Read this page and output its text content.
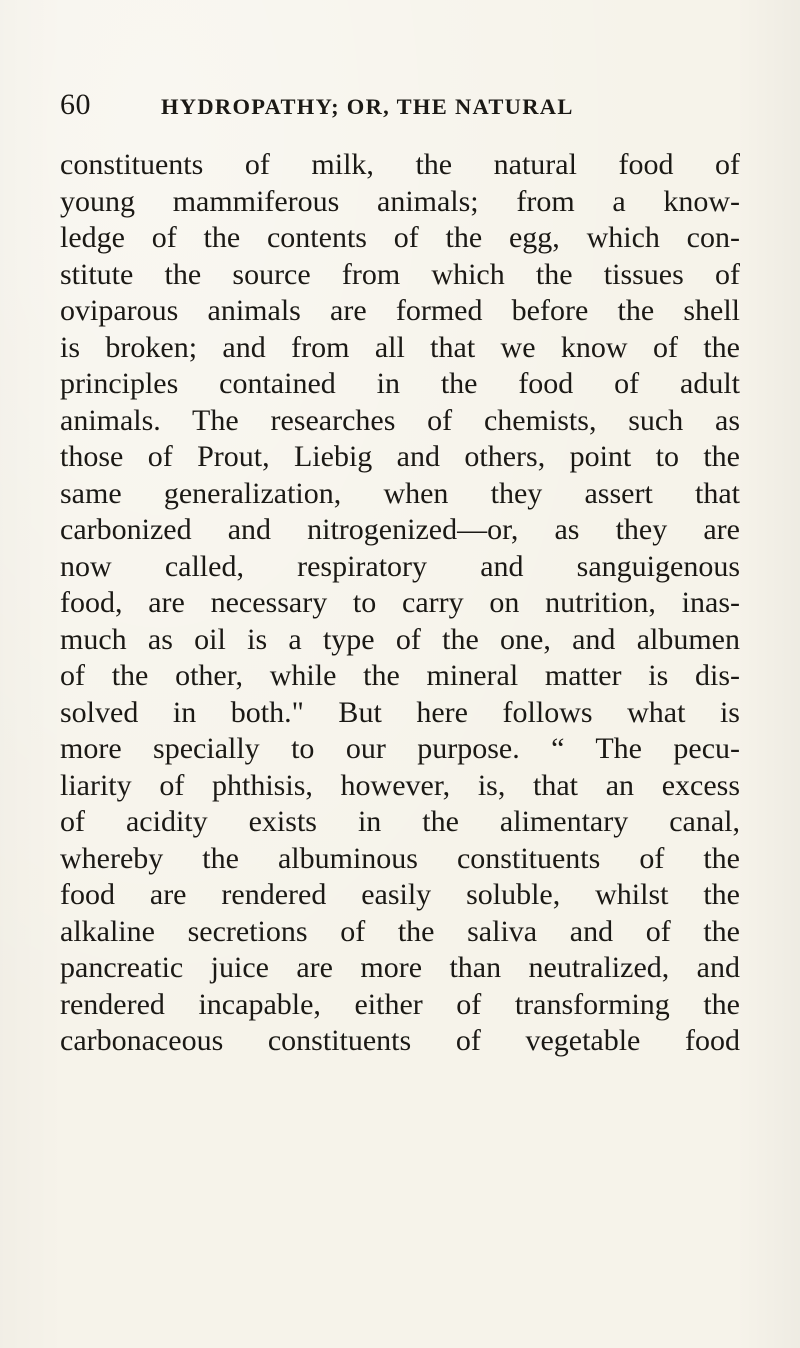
60	HYDROPATHY; OR, THE NATURAL
constituents of milk, the natural food of
young mammiferous animals; from a know-
ledge of the contents of the egg, which con-
stitute the source from which the tissues of
oviparous animals are formed before the shell
is broken; and from all that we know of the
principles contained in the food of adult
animals. The researches of chemists, such as
those of Prout, Liebig and others, point to the
same generalization, when they assert that
carbonized and nitrogenized—or, as they are
now called, respiratory and sanguigenous
food, are necessary to carry on nutrition, inas-
much as oil is a type of the one, and albumen
of the other, while the mineral matter is dis-
solved in both." But here follows what is
more specially to our purpose. “ The pecu-
liarity of phthisis, however, is, that an excess
of acidity exists in the alimentary canal,
whereby the albuminous constituents of the
food are rendered easily soluble, whilst the
alkaline secretions of the saliva and of the
pancreatic juice are more than neutralized, and
rendered incapable, either of transforming the
carbonaceous constituents of vegetable food
